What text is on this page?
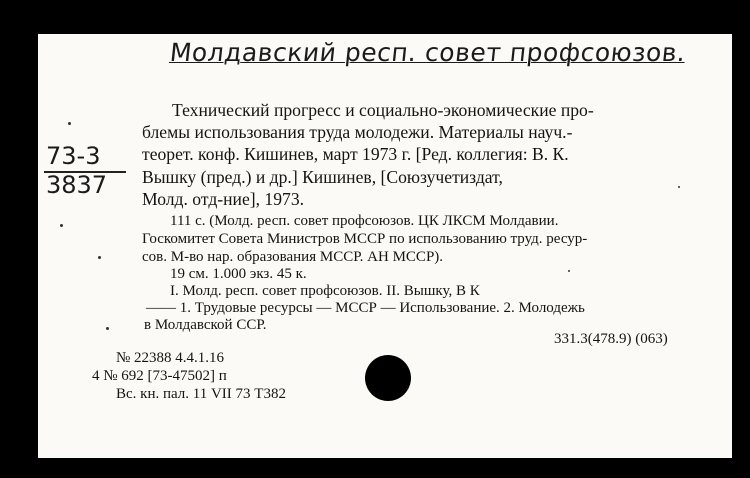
Молдавский респ. совет профсоюзов.
73-3
3837
Технический прогресс и социально-экономические про-
блемы использования труда молодежи. Материалы науч.-
теорет. конф. Кишинев, март 1973 г. [Ред. коллегия: В. К.
Вышку (пред.) и др.] Кишинев, [Союзучетиздат,
Молд. отд-ние], 1973.
111 с. (Молд. респ. совет профсоюзов. ЦК ЛКСМ Молдавии.
Госкомитет Совета Министров МССР по использованию труд. ресур-
сов. М-во нар. образования МССР. АН МССР).
19 см. 1.000 экз. 45 к.
I. Молд. респ. совет профсоюзов. II. Вышку, В К
—— 1. Трудовые ресурсы — МССР — Использование. 2. Молодежь
в Молдавской ССР.
331.3(478.9) (063)
№ 22388 4.4.1.16
4 № 692 [73-47502] п
Вс. кн. пал. 11 VII 73 Т382
